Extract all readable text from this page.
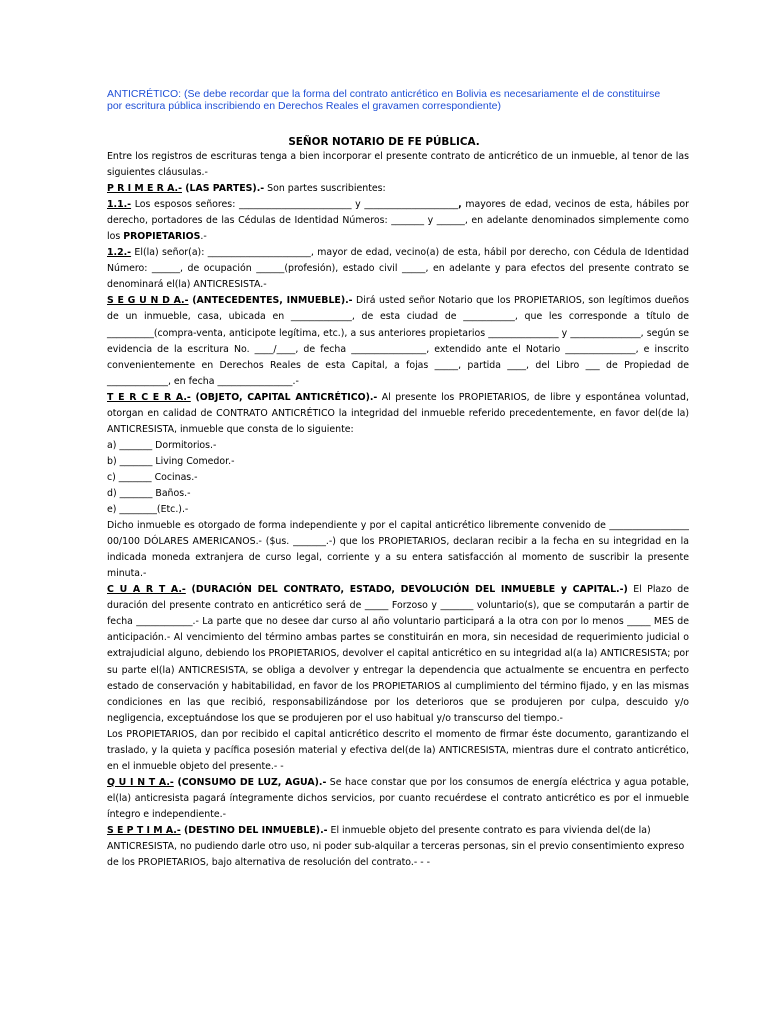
ANTICRÉTICO: (Se debe recordar que la forma del contrato anticrético en Bolivia es necesariamente el de constituirse por escritura pública inscribiendo en Derechos Reales el gravamen correspondiente)
SEÑOR NOTARIO DE FE PÚBLICA.

Entre los registros de escrituras tenga a bien incorporar el presente contrato de anticrético de un inmueble, al tenor de las siguientes cláusulas.-

P R I M E R A.- (LAS PARTES).- Son partes suscribientes:

1.1.- Los esposos señores: ________________________ y ____________________, mayores de edad, vecinos de esta, hábiles por derecho, portadores de las Cédulas de Identidad Números: _______ y ______, en adelante denominados simplemente como los PROPIETARIOS.-

1.2.- El(la) señor(a): ______________________, mayor de edad, vecino(a) de esta, hábil por derecho, con Cédula de Identidad Número: ______, de ocupación ______(profesión), estado civil _____, en adelante y para efectos del presente contrato se denominará el(la) ANTICRESISTA.-

S E G U N D A.- (ANTECEDENTES, INMUEBLE).- Dirá usted señor Notario que los PROPIETARIOS, son legítimos dueños de un inmueble, casa, ubicada en _____________, de esta ciudad de ___________, que les corresponde a título de __________(compra-venta, anticipote legítima, etc.), a sus anteriores propietarios _______________ y _______________, según se evidencia de la escritura No. ____/____, de fecha ________________, extendido ante el Notario _______________, e inscrito convenientemente en Derechos Reales de esta Capital, a fojas _____, partida ____, del Libro ___ de Propiedad de _____________, en fecha ________________.-

T E R C E R A.- (OBJETO, CAPITAL ANTICRÉTICO).- Al presente los PROPIETARIOS, de libre y espontánea voluntad, otorgan en calidad de CONTRATO ANTICRÉTICO la integridad del inmueble referido precedentemente, en favor del(de la) ANTICRESISTA, inmueble que consta de lo siguiente:

a) _______ Dormitorios.-

b) _______ Living Comedor.-

c) _______ Cocinas.-

d) _______ Baños.-

e) ________(Etc.).-

Dicho inmueble es otorgado de forma independiente y por el capital anticrético libremente convenido de _________________ 00/100 DÓLARES AMERICANOS.- ($us. _______.-) que los PROPIETARIOS, declaran recibir a la fecha en su integridad en la indicada moneda extranjera de curso legal, corriente y a su entera satisfacción al momento de suscribir la presente minuta.-

C U A R T A.- (DURACIÓN DEL CONTRATO, ESTADO, DEVOLUCIÓN DEL INMUEBLE y CAPITAL.-) El Plazo de duración del presente contrato en anticrético será de _____ Forzoso y _______ voluntario(s), que se computarán a partir de fecha ____________.- La parte que no desee dar curso al año voluntario participará a la otra con por lo menos _____ MES de anticipación.- Al vencimiento del término ambas partes se constituirán en mora, sin necesidad de requerimiento judicial o extrajudicial alguno, debiendo los PROPIETARIOS, devolver el capital anticrético en su integridad al(a la) ANTICRESISTA; por su parte el(la) ANTICRESISTA, se obliga a devolver y entregar la dependencia que actualmente se encuentra en perfecto estado de conservación y habitabilidad, en favor de los PROPIETARIOS al cumplimiento del término fijado, y en las mismas condiciones en las que recibió, responsabilizándose por los deterioros que se produjeren por culpa, descuido y/o negligencia, exceptuándose los que se produjeren por el uso habitual y/o transcurso del tiempo.-

Los PROPIETARIOS, dan por recibido el capital anticrético descrito el momento de firmar éste documento, garantizando el traslado, y la quieta y pacífica posesión material y efectiva del(de la) ANTICRESISTA, mientras dure el contrato anticrético, en el inmueble objeto del presente.- -

Q U I N T A.- (CONSUMO DE LUZ, AGUA).- Se hace constar que por los consumos de energía eléctrica y agua potable, el(la) anticresista pagará íntegramente dichos servicios, por cuanto recuérdese el contrato anticrético es por el inmueble íntegro e independiente.-

S E P T I M A.- (DESTINO DEL INMUEBLE).- El inmueble objeto del presente contrato es para vivienda del(de la) ANTICRESISTA, no pudiendo darle otro uso, ni poder sub-alquilar a terceras personas, sin el previo consentimiento expreso de los PROPIETARIOS, bajo alternativa de resolución del contrato.- - -
